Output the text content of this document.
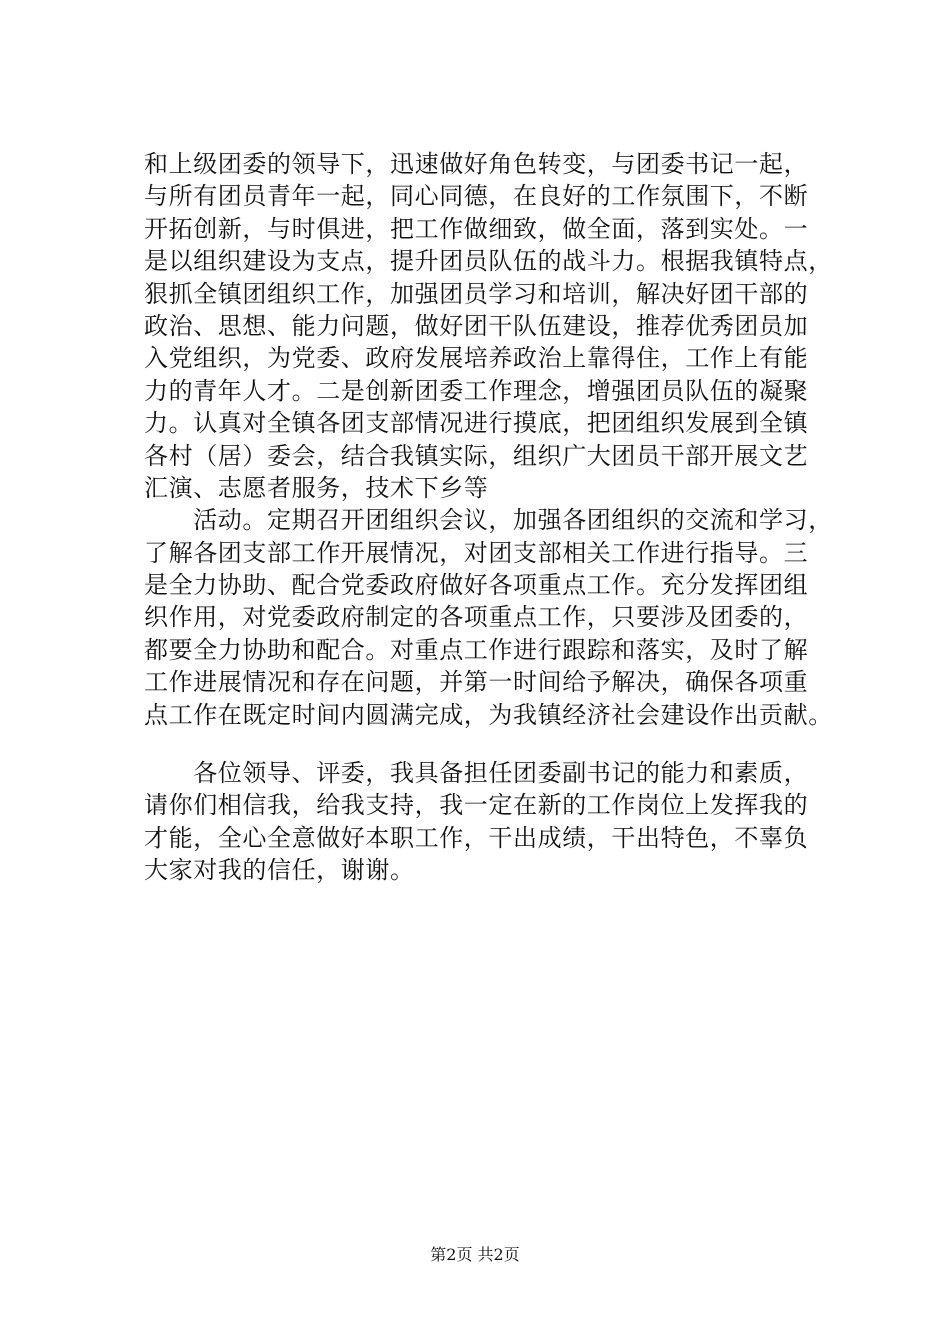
和上级团委的领导下，迅速做好角色转变，与团委书记一起，
与所有团员青年一起，同心同德，在良好的工作氛围下，不断
开拓创新，与时俱进，把工作做细致，做全面，落到实处。一
是以组织建设为支点，提升团员队伍的战斗力。根据我镇特点，
狠抓全镇团组织工作，加强团员学习和培训，解决好团干部的
政治、思想、能力问题，做好团干队伍建设，推荐优秀团员加
入党组织，为党委、政府发展培养政治上靠得住，工作上有能
力的青年人才。二是创新团委工作理念，增强团员队伍的凝聚
力。认真对全镇各团支部情况进行摸底，把团组织发展到全镇
各村（居）委会，结合我镇实际，组织广大团员干部开展文艺
汇演、志愿者服务，技术下乡等
　　活动。定期召开团组织会议，加强各团组织的交流和学习，
了解各团支部工作开展情况，对团支部相关工作进行指导。三
是全力协助、配合党委政府做好各项重点工作。充分发挥团组
织作用，对党委政府制定的各项重点工作，只要涉及团委的，
都要全力协助和配合。对重点工作进行跟踪和落实，及时了解
工作进展情况和存在问题，并第一时间给予解决，确保各项重
点工作在既定时间内圆满完成，为我镇经济社会建设作出贡献。
　　各位领导、评委，我具备担任团委副书记的能力和素质，
请你们相信我，给我支持，我一定在新的工作岗位上发挥我的
才能，全心全意做好本职工作，干出成绩，干出特色，不辜负
大家对我的信任，谢谢。
第2页 共2页
